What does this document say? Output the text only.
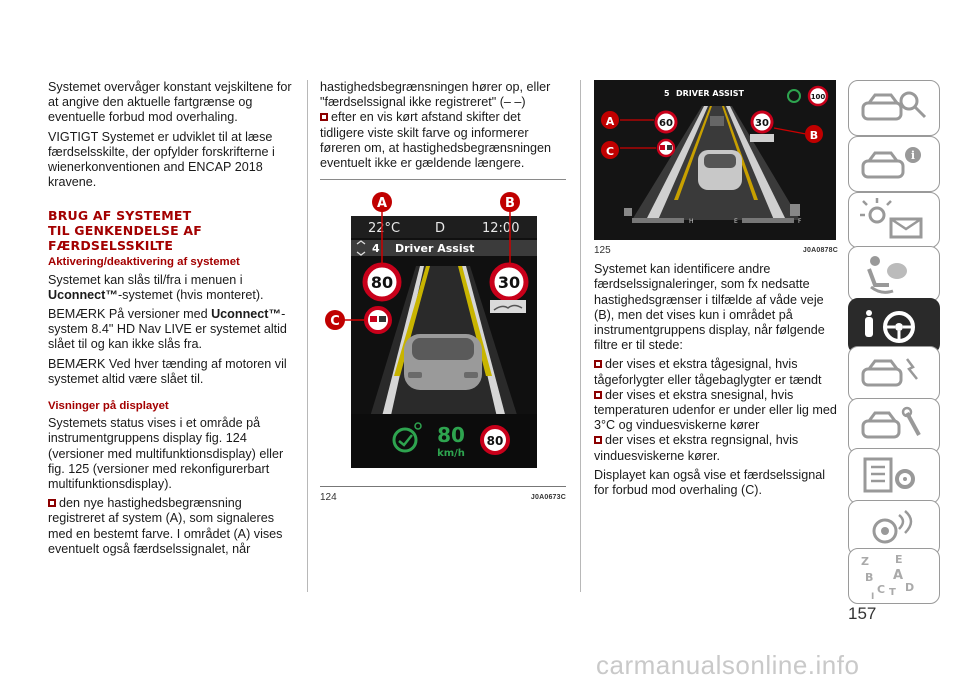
Systemet overvåger konstant vejskiltene for at angive den aktuelle fartgrænse og eventuelle forbud mod overhaling.

VIGTIGT Systemet er udviklet til at læse færdselsskilte, der opfylder forskrifterne i wienerkonventionen and ENCAP 2018 kravene.

BRUG AF SYSTEMET
TIL GENKENDELSE AF
FÆRDSELSSKILTE
Aktivering/deaktivering af systemet

Systemet kan slås til/fra i menuen i Uconnect™-systemet (hvis monteret).

BEMÆRK På versioner med Uconnect™-system 8.4" HD Nav LIVE er systemet altid slået til og kan ikke slås fra.

BEMÆRK Ved hver tænding af motoren vil systemet altid være slået til.

Visninger på displayet

Systemets status vises i et område på instrumentgruppens display fig. 124 (versioner med multifunktionsdisplay) eller fig. 125 (versioner med rekonfigurerbart multifunktionsdisplay).

den nye hastighedsbegrænsning registreret af system (A), som signaleres med en bestemt farve. I området (A) vises eventuelt også færdselssignalet, når

hastighedsbegrænsningen hører op, eller "færdselssignal ikke registreret" (– –)

efter en vis kørt afstand skifter det tidligere viste skilt farve og informerer føreren om, at hastighedsbegrænsningen eventuelt ikke er gældende længere.

22°C	D	12:00
4 Driver Assist
80	30
80
km/h
80
A	B
C
124	J0A0673C
5 DRIVER ASSIST
60	30
100
H	E	F
A
C
B
125	J0A0878C

Systemet kan identificere andre færdselssignaleringer, som fx nedsatte hastighedsgrænser i tilfælde af våde veje (B), men det vises kun i området på instrumentgruppens display, når følgende filtre er til stede:

der vises et ekstra tågesignal, hvis tågeforlygter eller tågebaglygter er tændt

der vises et ekstra snesignal, hvis temperaturen udenfor er under eller lig med 3°C og vinduesviskerne kører

der vises et ekstra regnsignal, hvis vinduesviskerne kører.

Displayet kan også vise et færdselssignal for forbud mod overhaling (C).

i
Z E
B A
C T D
I
157
carmanualsonline.info
